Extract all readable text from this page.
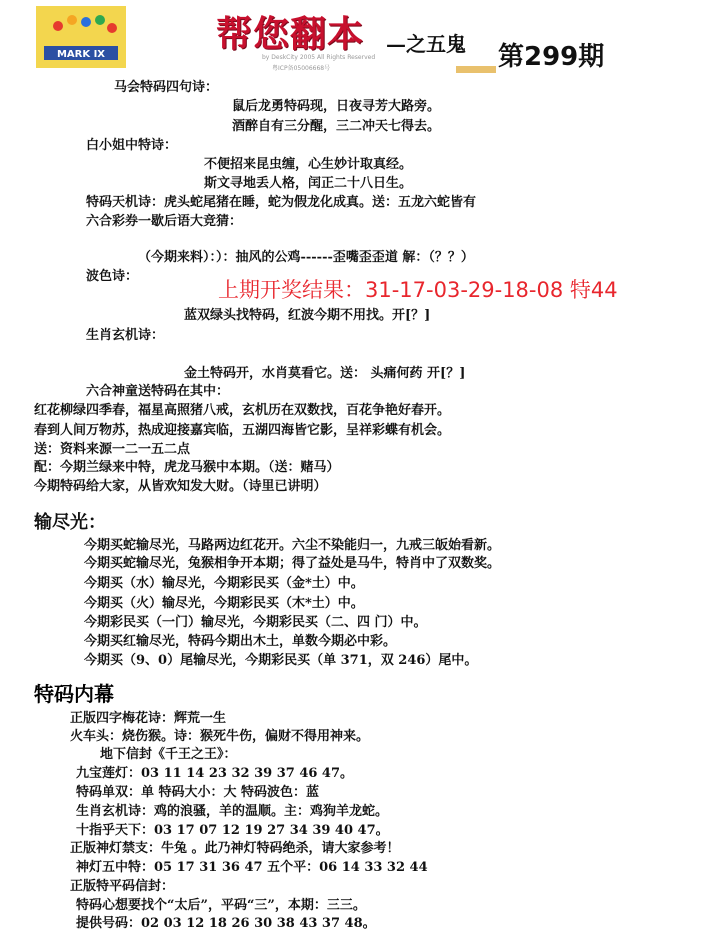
MARK IX	帮您翻本 —之五鬼 第299期
by DeskCity 2005 All Rights Reserved
粤ICP备05006668号
马会特码四句诗：
鼠后龙勇特码现，日夜寻芳大路旁。
酒醉自有三分醒，三二冲天七得去。
白小姐中特诗：
不便招来昆虫缠，心生妙计取真经。
斯文寻地丢人格，闰正二十八日生。
特码天机诗：虎头蛇尾猪在睡，蛇为假龙化成真。送：五龙六蛇皆有
六合彩券一歇后语大竞猜：
（今期来料）：）：抽风的公鸡------歪嘴歪歪道 解：（？？）
波色诗：
上期开奖结果：31-17-03-29-18-08 特44
蓝双绿头找特码，红波今期不用找。开[？]
生肖玄机诗：
金土特码开，水肖莫看它。送： 头痛何药 开[？]
六合神童送特码在其中：
红花柳绿四季春，福星高照猪八戒，玄机历在双数找，百花争艳好春开。
春到人间万物苏，热成迎接嘉宾临，五湖四海皆它影，呈祥彩蝶有机会。
送：资料来源一二一五二点
配：今期兰绿来中特，虎龙马猴中本期。（送：赌马）
今期特码给大家，从皆欢知发大财。（诗里已讲明）
输尽光：
今期买蛇输尽光，马路两边红花开。六尘不染能归一，九戒三皈始看新。
今期买蛇输尽光，兔猴相争开本期；得了益处是马牛，特肖中了双数奖。
今期买（水）输尽光，今期彩民买（金*土）中。
今期买（火）输尽光，今期彩民买（木*土）中。
今期彩民买（一门）输尽光，今期彩民买（二、四 门）中。
今期买红输尽光，特码今期出木土，单数今期必中彩。
今期买（9、0）尾输尽光，今期彩民买（单 371，双 246）尾中。
特码内幕
正版四字梅花诗：辉荒一生
火车头：烧伤猴。诗：猴死牛伤，偏财不得用神来。
地下信封《千王之王》：
九宝莲灯：03 11 14 23 32 39 37 46 47。
特码单双：单 特码大小：大 特码波色：蓝
生肖玄机诗：鸡的浪骚，羊的温顺。主：鸡狗羊龙蛇。
十指乎天下：03 17 07 12 19 27 34 39 40 47。
正版神灯禁支：牛兔 。此乃神灯特码绝杀，请大家参考！
神灯五中特：05 17 31 36 47 五个平：06 14 33 32 44
正版特平码信封：
特码心想要找个“太后”，平码“三”，本期：三三。
提供号码：02 03 12 18 26 30 38 43 37 48。
